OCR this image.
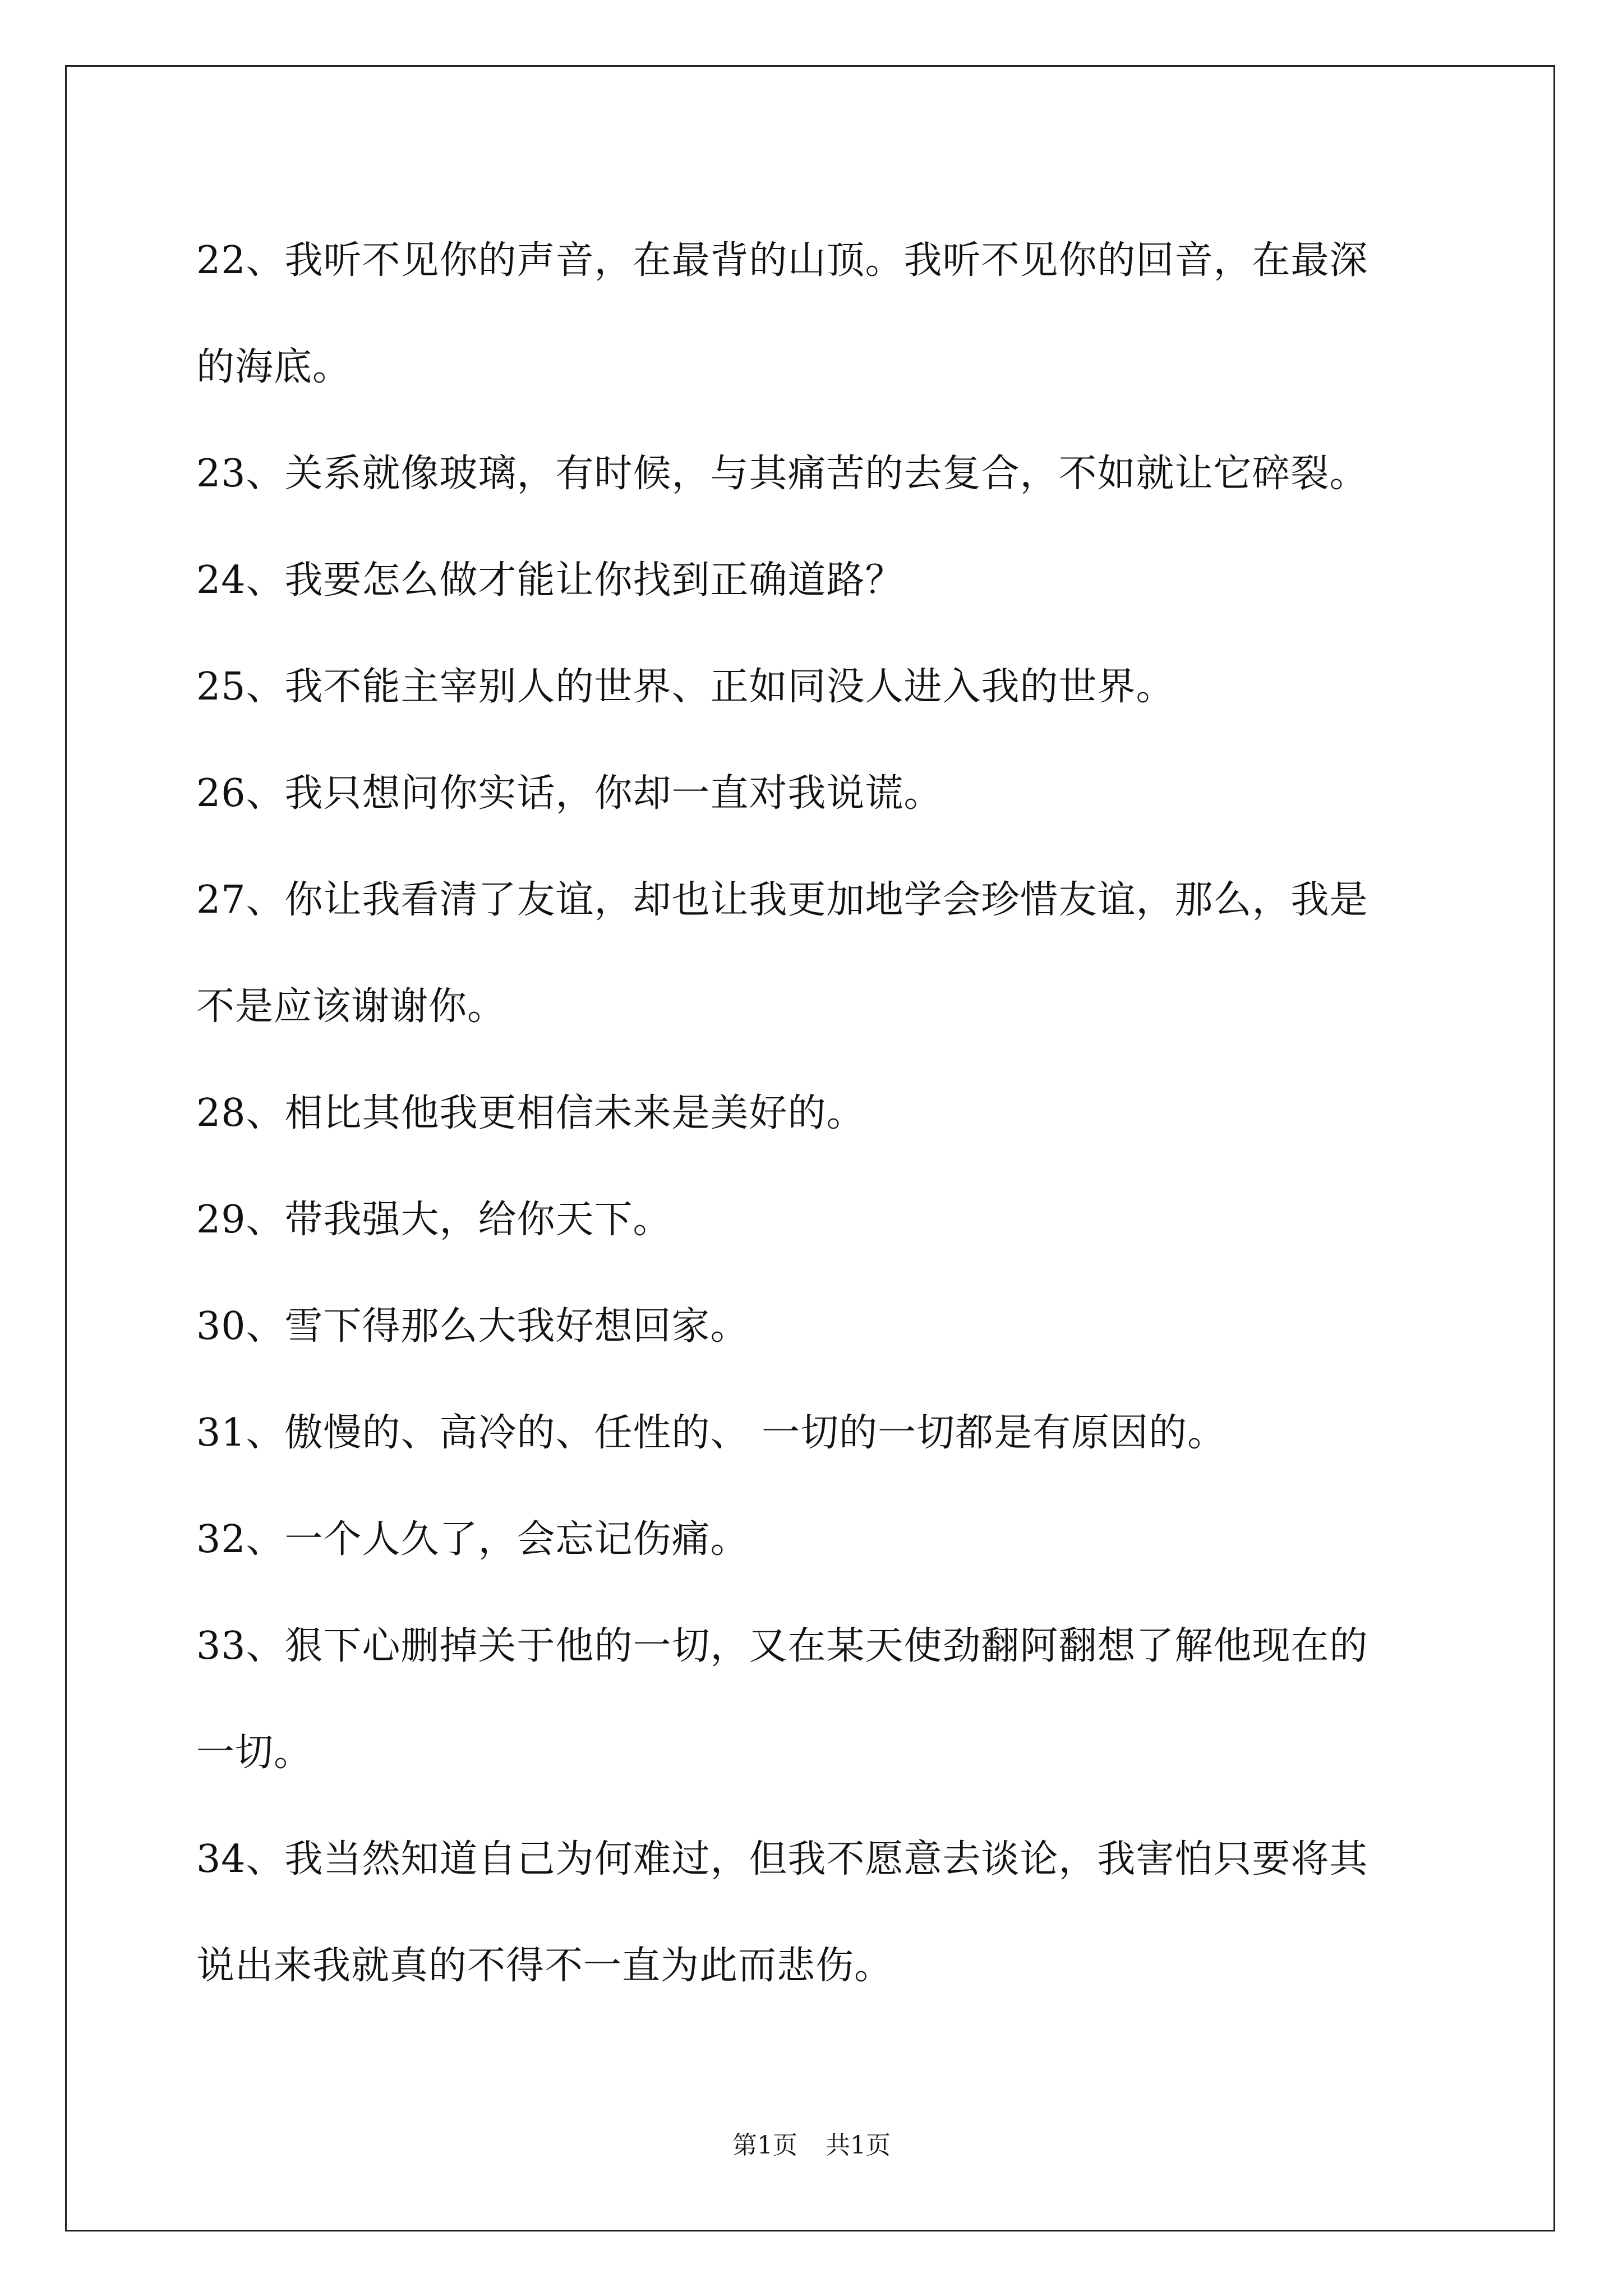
22、我听不见你的声音，在最背的山顶。我听不见你的回音，在最深
的海底。
23、关系就像玻璃，有时候，与其痛苦的去复合，不如就让它碎裂。
24、我要怎么做才能让你找到正确道路？
25、我不能主宰别人的世界、正如同没人进入我的世界。
26、我只想问你实话，你却一直对我说谎。
27、你让我看清了友谊，却也让我更加地学会珍惜友谊，那么，我是
不是应该谢谢你。
28、相比其他我更相信未来是美好的。
29、带我强大，给你天下。
30、雪下得那么大我好想回家。
31、傲慢的、高冷的、任性的、 一切的一切都是有原因的。
32、一个人久了，会忘记伤痛。
33、狠下心删掉关于他的一切，又在某天使劲翻阿翻想了解他现在的
一切。
34、我当然知道自己为何难过，但我不愿意去谈论，我害怕只要将其
说出来我就真的不得不一直为此而悲伤。
第1页 共1页
